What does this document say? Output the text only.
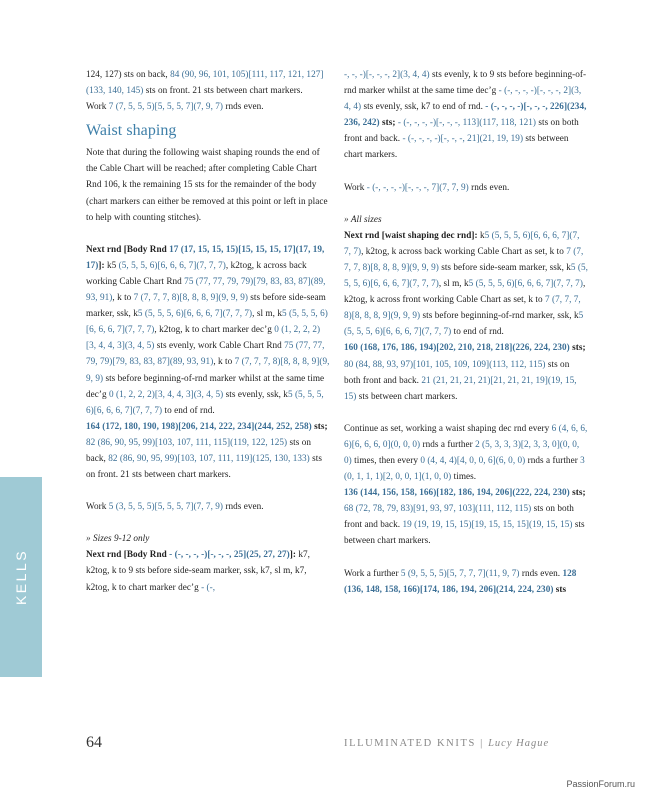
124, 127) sts on back, 84 (90, 96, 101, 105)[111, 117, 121, 127](133, 140, 145) sts on front. 21 sts between chart markers.

Work 7 (7, 5, 5, 5)[5, 5, 5, 7](7, 9, 7) rnds even.

Waist shaping

Note that during the following waist shaping rounds the end of the Cable Chart will be reached; after completing Cable Chart Rnd 106, k the remaining 15 sts for the remainder of the body (chart markers can either be removed at this point or left in place to help with counting stitches).

Next rnd [Body Rnd 17 (17, 15, 15, 15)[15, 15, 15, 17](17, 19, 17)]: k5 (5, 5, 5, 6)[6, 6, 6, 7](7, 7, 7), k2tog, k across back working Cable Chart Rnd 75 (77, 77, 79, 79)[79, 83, 83, 87](89, 93, 91), k to 7 (7, 7, 7, 8)[8, 8, 8, 9](9, 9, 9) sts before side-seam marker, ssk, k5 (5, 5, 5, 6)[6, 6, 6, 7](7, 7, 7), sl m, k5 (5, 5, 5, 6)[6, 6, 6, 7](7, 7, 7), k2tog, k to chart marker dec’g 0 (1, 2, 2, 2)[3, 4, 4, 3](3, 4, 5) sts evenly, work Cable Chart Rnd 75 (77, 77, 79, 79)[79, 83, 83, 87](89, 93, 91), k to 7 (7, 7, 7, 8)[8, 8, 8, 9](9, 9, 9) sts before beginning-of-rnd marker whilst at the same time dec’g 0 (1, 2, 2, 2)[3, 4, 4, 3](3, 4, 5) sts evenly, ssk, k5 (5, 5, 5, 6)[6, 6, 6, 7](7, 7, 7) to end of rnd.

164 (172, 180, 190, 198)[206, 214, 222, 234](244, 252, 258) sts; 82 (86, 90, 95, 99)[103, 107, 111, 115](119, 122, 125) sts on back, 82 (86, 90, 95, 99)[103, 107, 111, 119](125, 130, 133) sts on front. 21 sts between chart markers.

Work 5 (3, 5, 5, 5)[5, 5, 5, 7](7, 7, 9) rnds even.

» Sizes 9-12 only

Next rnd [Body Rnd - (-, -, -, -)[-, -, -, 25](25, 27, 27)]: k7, k2tog, k to 9 sts before side-seam marker, ssk, k7, sl m, k7, k2tog, k to chart marker dec’g - (-,

-, -, -)[-, -, -, 2](3, 4, 4) sts evenly, k to 9 sts before beginning-of-rnd marker whilst at the same time dec’g - (-, -, -, -)[-, -, -, 2](3, 4, 4) sts evenly, ssk, k7 to end of rnd. - (-, -, -, -)[-, -, -, 226](234, 236, 242) sts; - (-, -, -, -)[-, -, -, 113](117, 118, 121) sts on both front and back. - (-, -, -, -)[-, -, -, 21](21, 19, 19) sts between chart markers.

Work - (-, -, -, -)[-, -, -, 7](7, 7, 9) rnds even.

» All sizes

Next rnd [waist shaping dec rnd]: k5 (5, 5, 5, 6)[6, 6, 6, 7](7, 7, 7), k2tog, k across back working Cable Chart as set, k to 7 (7, 7, 7, 8)[8, 8, 8, 9](9, 9, 9) sts before side-seam marker, ssk, k5 (5, 5, 5, 6)[6, 6, 6, 7](7, 7, 7), sl m, k5 (5, 5, 5, 6)[6, 6, 6, 7](7, 7, 7), k2tog, k across front working Cable Chart as set, k to 7 (7, 7, 7, 8)[8, 8, 8, 9](9, 9, 9) sts before beginning-of-rnd marker, ssk, k5 (5, 5, 5, 6)[6, 6, 6, 7](7, 7, 7) to end of rnd.

160 (168, 176, 186, 194)[202, 210, 218, 218](226, 224, 230) sts; 80 (84, 88, 93, 97)[101, 105, 109, 109](113, 112, 115) sts on both front and back. 21 (21, 21, 21, 21)[21, 21, 21, 19](19, 15, 15) sts between chart markers.

Continue as set, working a waist shaping dec rnd every 6 (4, 6, 6, 6)[6, 6, 6, 0](0, 0, 0) rnds a further 2 (5, 3, 3, 3)[2, 3, 3, 0](0, 0, 0) times, then every 0 (4, 4, 4)[4, 0, 0, 6](6, 0, 0) rnds a further 3 (0, 1, 1, 1)[2, 0, 0, 1](1, 0, 0) times.

136 (144, 156, 158, 166)[182, 186, 194, 206](222, 224, 230) sts; 68 (72, 78, 79, 83)[91, 93, 97, 103](111, 112, 115) sts on both front and back. 19 (19, 19, 15, 15)[19, 15, 15, 15](19, 15, 15) sts between chart markers.

Work a further 5 (9, 5, 5, 5)[5, 7, 7, 7](11, 9, 7) rnds even. 128 (136, 148, 158, 166)[174, 186, 194, 206](214, 224, 230) sts

KELLS
64	ILLUMINATED KNITS | Lucy Hague
PassionForum.ru
